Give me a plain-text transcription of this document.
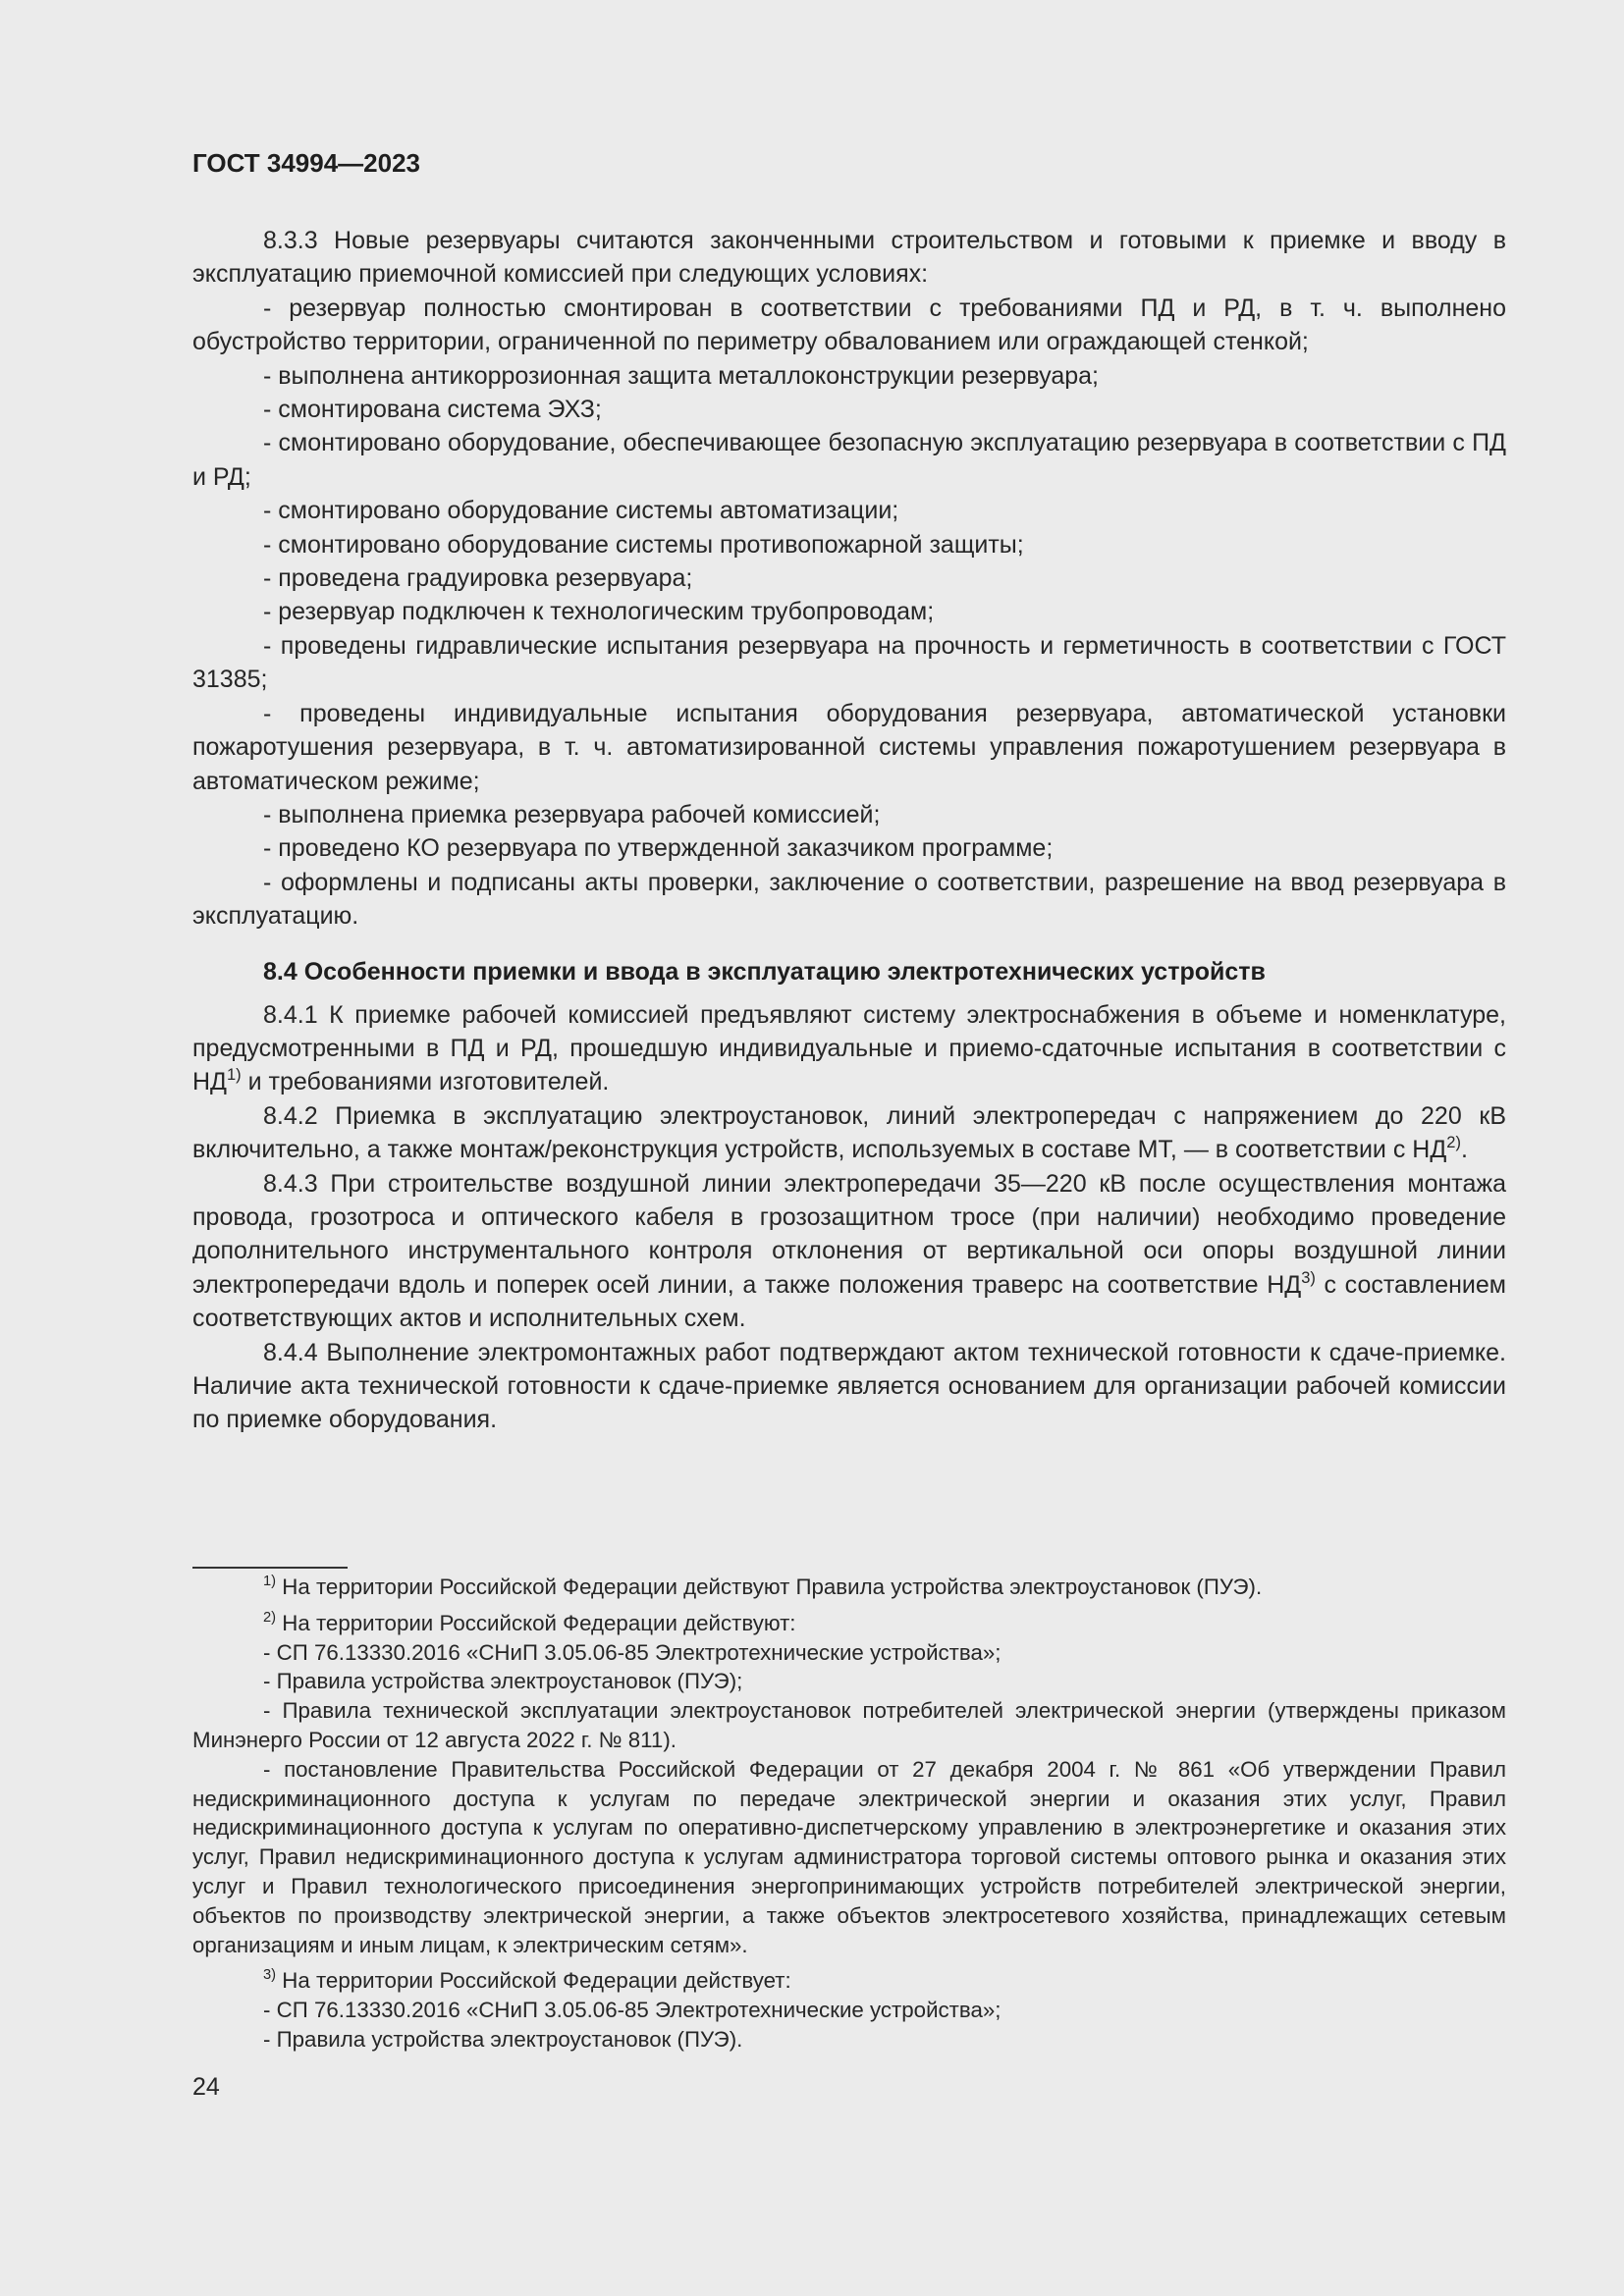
ГОСТ 34994—2023

8.3.3 Новые резервуары считаются законченными строительством и готовыми к приемке и вводу в эксплуатацию приемочной комиссией при следующих условиях:

- резервуар полностью смонтирован в соответствии с требованиями ПД и РД, в т. ч. выполнено обустройство территории, ограниченной по периметру обвалованием или ограждающей стенкой;

- выполнена антикоррозионная защита металлоконструкции резервуара;

- смонтирована система ЭХЗ;

- смонтировано оборудование, обеспечивающее безопасную эксплуатацию резервуара в соответствии с ПД и РД;

- смонтировано оборудование системы автоматизации;

- смонтировано оборудование системы противопожарной защиты;

- проведена градуировка резервуара;

- резервуар подключен к технологическим трубопроводам;

- проведены гидравлические испытания резервуара на прочность и герметичность в соответствии с ГОСТ 31385;

- проведены индивидуальные испытания оборудования резервуара, автоматической установки пожаротушения резервуара, в т. ч. автоматизированной системы управления пожаротушением резервуара в автоматическом режиме;

- выполнена приемка резервуара рабочей комиссией;

- проведено КО резервуара по утвержденной заказчиком программе;

- оформлены и подписаны акты проверки, заключение о соответствии, разрешение на ввод резервуара в эксплуатацию.

8.4 Особенности приемки и ввода в эксплуатацию электротехнических устройств

8.4.1 К приемке рабочей комиссией предъявляют систему электроснабжения в объеме и номенклатуре, предусмотренными в ПД и РД, прошедшую индивидуальные и приемо-сдаточные испытания в соответствии с НД$^{1)}$ и требованиями изготовителей.

8.4.2 Приемка в эксплуатацию электроустановок, линий электропередач с напряжением до 220 кВ включительно, а также монтаж/реконструкция устройств, используемых в составе МТ, — в соответствии с НД$^{2)}$.

8.4.3 При строительстве воздушной линии электропередачи 35—220 кВ после осуществления монтажа провода, грозотроса и оптического кабеля в грозозащитном тросе (при наличии) необходимо проведение дополнительного инструментального контроля отклонения от вертикальной оси опоры воздушной линии электропередачи вдоль и поперек осей линии, а также положения траверс на соответствие НД$^{3)}$ с составлением соответствующих актов и исполнительных схем.

8.4.4 Выполнение электромонтажных работ подтверждают актом технической готовности к сдаче-приемке. Наличие акта технической готовности к сдаче-приемке является основанием для организации рабочей комиссии по приемке оборудования.

$^{1)}$ На территории Российской Федерации действуют Правила устройства электроустановок (ПУЭ).

$^{2)}$ На территории Российской Федерации действуют:

- СП 76.13330.2016 «СНиП 3.05.06-85 Электротехнические устройства»;

- Правила устройства электроустановок (ПУЭ);

- Правила технической эксплуатации электроустановок потребителей электрической энергии (утверждены приказом Минэнерго России от 12 августа 2022 г. № 811).

- постановление Правительства Российской Федерации от 27 декабря 2004 г. № 861 «Об утверждении Правил недискриминационного доступа к услугам по передаче электрической энергии и оказания этих услуг, Правил недискриминационного доступа к услугам по оперативно-диспетчерскому управлению в электроэнергетике и оказания этих услуг, Правил недискриминационного доступа к услугам администратора торговой системы оптового рынка и оказания этих услуг и Правил технологического присоединения энергопринимающих устройств потребителей электрической энергии, объектов по производству электрической энергии, а также объектов электросетевого хозяйства, принадлежащих сетевым организациям и иным лицам, к электрическим сетям».

$^{3)}$ На территории Российской Федерации действует:

- СП 76.13330.2016 «СНиП 3.05.06-85 Электротехнические устройства»;

- Правила устройства электроустановок (ПУЭ).

24
